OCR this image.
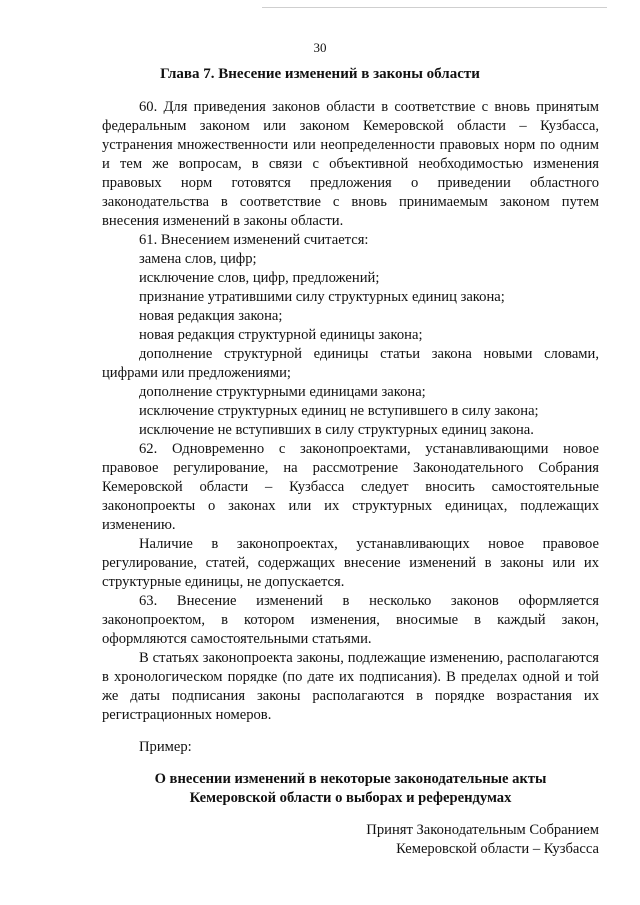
30
Глава 7. Внесение изменений в законы области

60. Для приведения законов области в соответствие с вновь принятым федеральным законом или законом Кемеровской области – Кузбасса, устранения множественности или неопределенности правовых норм по одним и тем же вопросам, в связи с объективной необходимостью изменения правовых норм готовятся предложения о приведении областного законодательства в соответствие с вновь принимаемым законом путем внесения изменений в законы области.

61. Внесением изменений считается:

замена слов, цифр;

исключение слов, цифр, предложений;

признание утратившими силу структурных единиц закона;

новая редакция закона;

новая редакция структурной единицы закона;

дополнение структурной единицы статьи закона новыми словами, цифрами или предложениями;

дополнение структурными единицами закона;

исключение структурных единиц не вступившего в силу закона;

исключение не вступивших в силу структурных единиц закона.

62. Одновременно с законопроектами, устанавливающими новое правовое регулирование, на рассмотрение Законодательного Собрания Кемеровской области – Кузбасса следует вносить самостоятельные законопроекты о законах или их структурных единицах, подлежащих изменению.

Наличие в законопроектах, устанавливающих новое правовое регулирование, статей, содержащих внесение изменений в законы или их структурные единицы, не допускается.

63. Внесение изменений в несколько законов оформляется законопроектом, в котором изменения, вносимые в каждый закон, оформляются самостоятельными статьями.

В статьях законопроекта законы, подлежащие изменению, располагаются в хронологическом порядке (по дате их подписания). В пределах одной и той же даты подписания законы располагаются в порядке возрастания их регистрационных номеров.

Пример:

О внесении изменений в некоторые законодательные акты

Кемеровской области о выборах и референдумах

Принят Законодательным Собранием

Кемеровской области – Кузбасса
